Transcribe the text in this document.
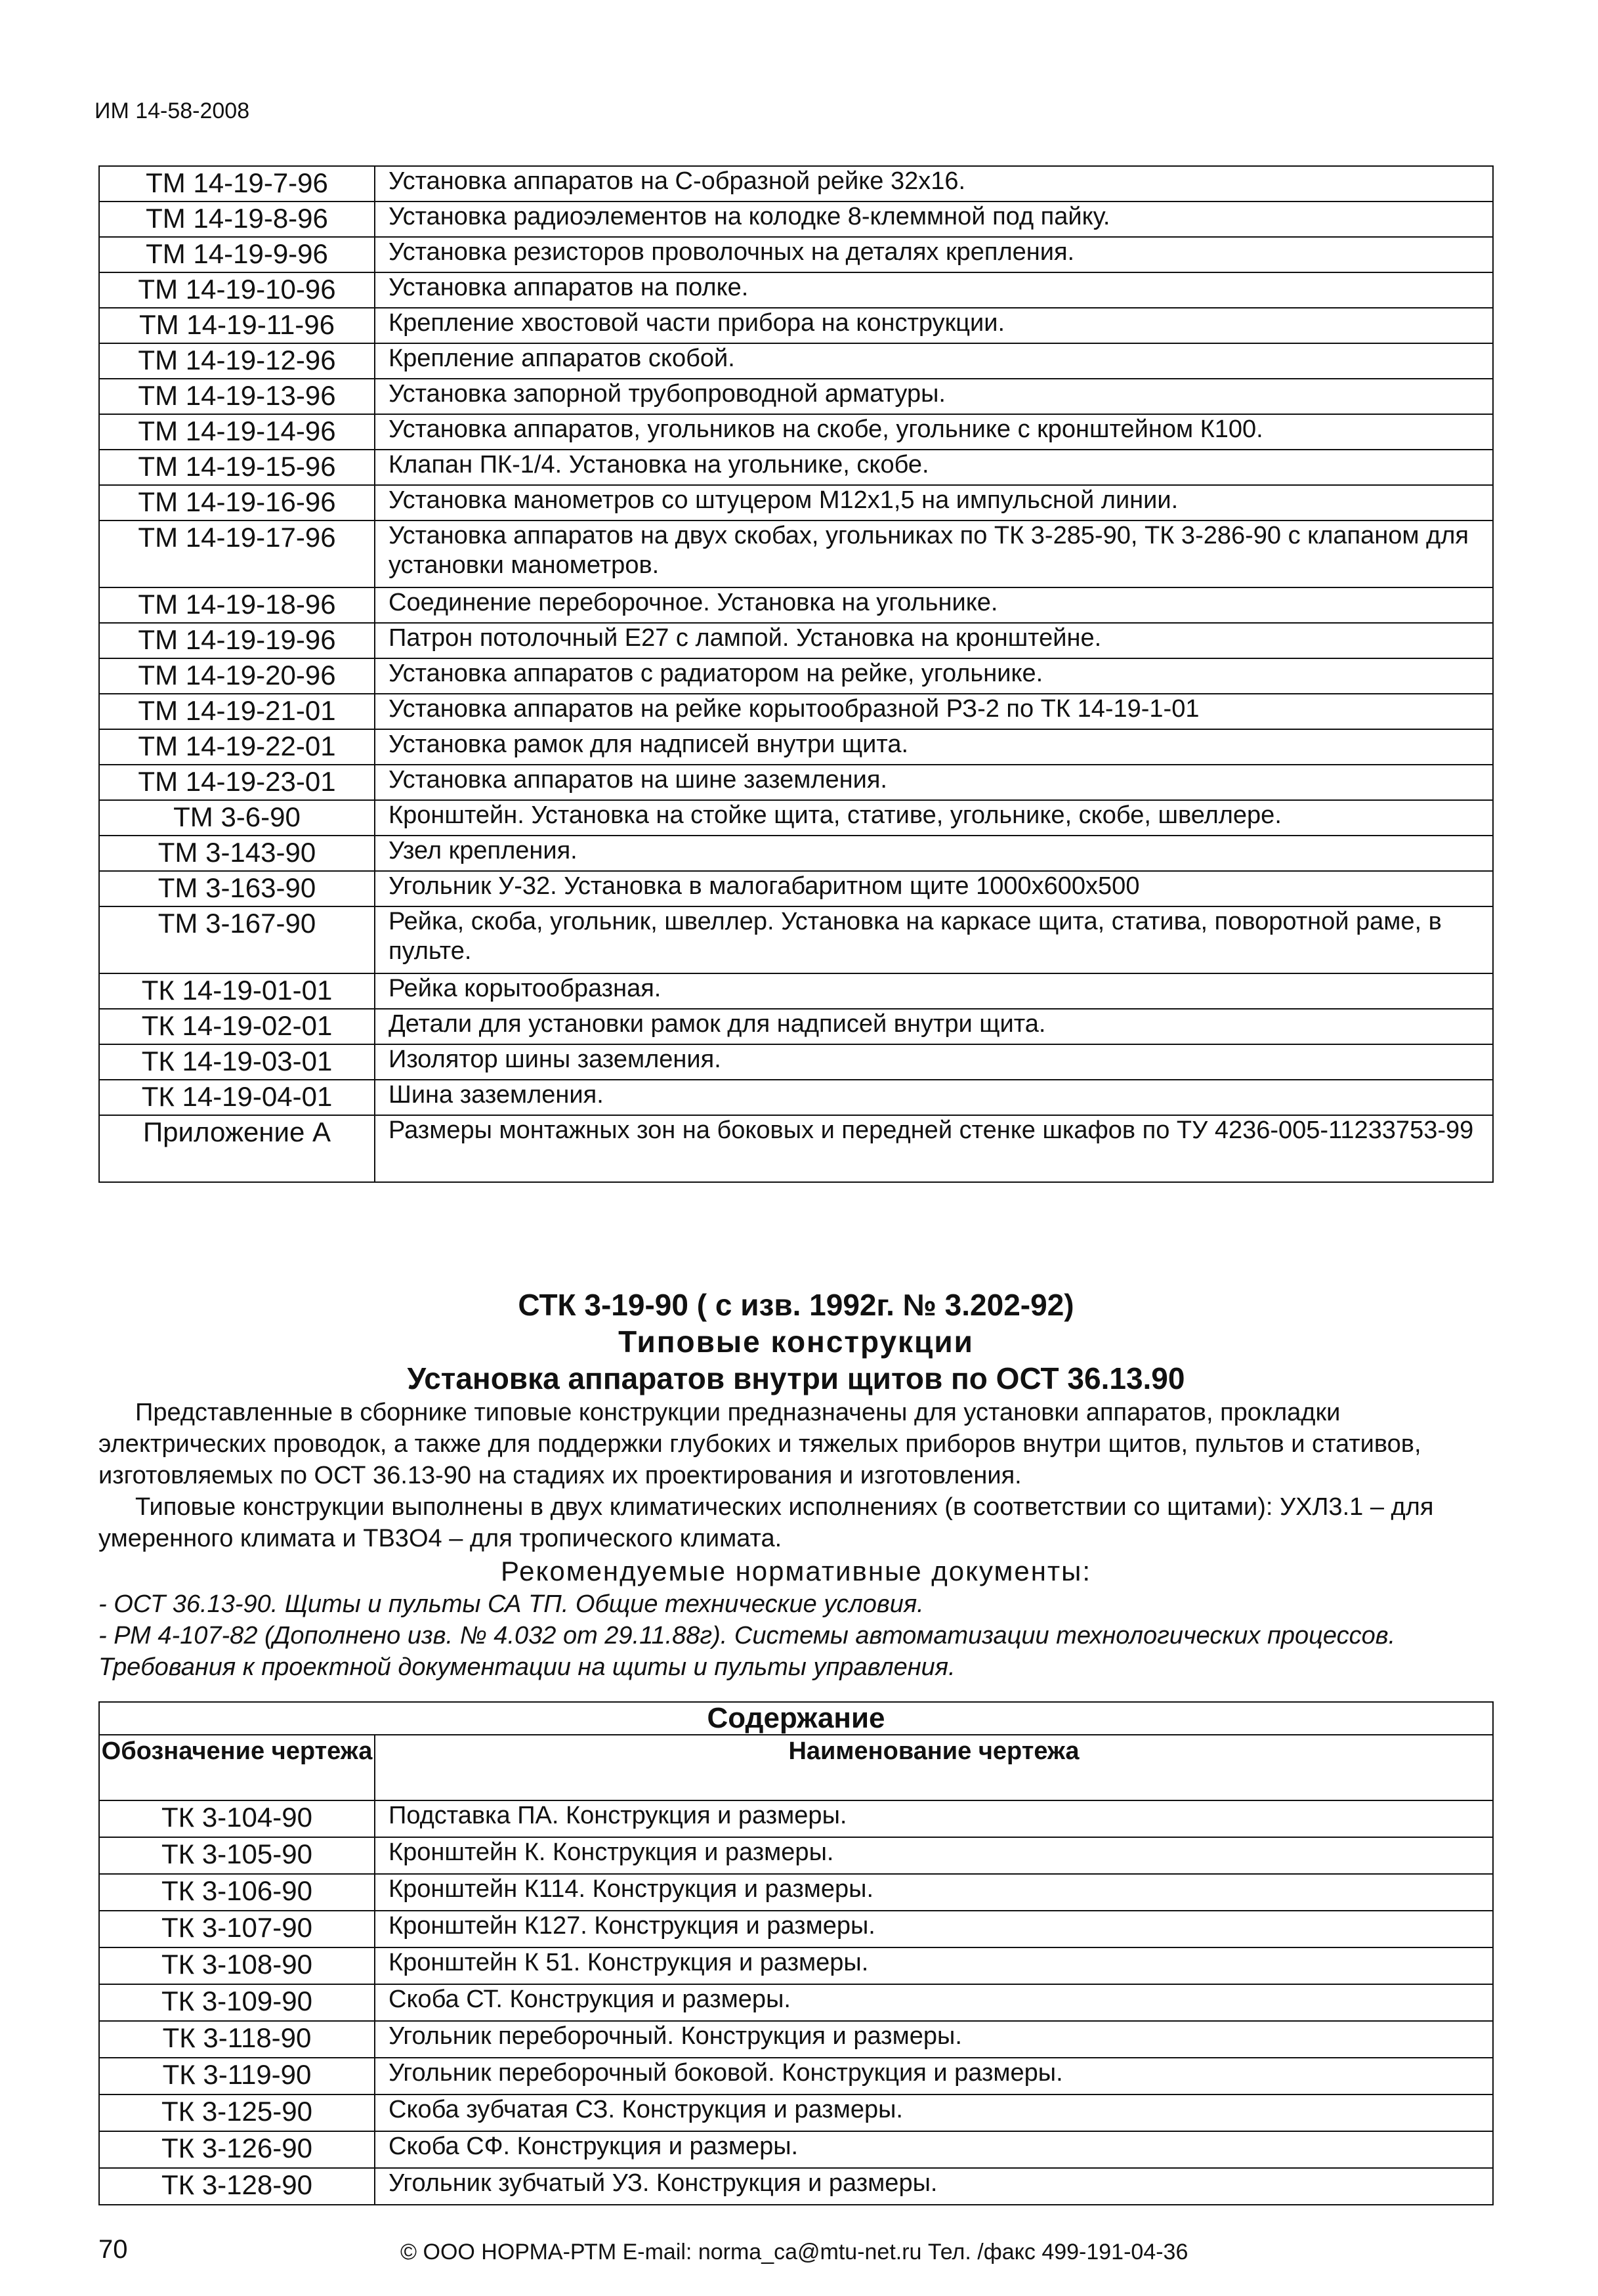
ИМ 14-58-2008
ТМ 14-19-7-96	Установка аппаратов на С-образной рейке 32х16.
ТМ 14-19-8-96	Установка радиоэлементов на колодке 8-клеммной под пайку.
ТМ 14-19-9-96	Установка резисторов проволочных на деталях крепления.
ТМ 14-19-10-96	Установка аппаратов на полке.
ТМ 14-19-11-96	Крепление хвостовой части прибора на конструкции.
ТМ 14-19-12-96	Крепление аппаратов скобой.
ТМ 14-19-13-96	Установка запорной трубопроводной арматуры.
ТМ 14-19-14-96	Установка аппаратов, угольников на скобе, угольнике с кронштейном К100.
ТМ 14-19-15-96	Клапан ПК-1/4. Установка на угольнике, скобе.
ТМ 14-19-16-96	Установка манометров со штуцером М12х1,5 на импульсной линии.
ТМ 14-19-17-96	Установка аппаратов на двух скобах, угольниках по ТК 3-285-90, ТК 3-286-90 с клапаном для установки манометров.
ТМ 14-19-18-96	Соединение переборочное. Установка на угольнике.
ТМ 14-19-19-96	Патрон потолочный Е27 с лампой. Установка на кронштейне.
ТМ 14-19-20-96	Установка аппаратов с радиатором на рейке, угольнике.
ТМ 14-19-21-01	Установка аппаратов на рейке корытообразной РЗ-2 по ТК 14-19-1-01
ТМ 14-19-22-01	Установка рамок для надписей внутри щита.
ТМ 14-19-23-01	Установка аппаратов на шине заземления.
ТМ 3-6-90	Кронштейн. Установка на стойке щита, стативе, угольнике, скобе, швеллере.
ТМ 3-143-90	Узел крепления.
ТМ 3-163-90	Угольник У-32. Установка в малогабаритном щите 1000х600х500
ТМ 3-167-90	Рейка, скоба, угольник, швеллер. Установка на каркасе щита, статива, поворотной раме, в пульте.
ТК 14-19-01-01	Рейка корытообразная.
ТК 14-19-02-01	Детали для установки рамок для надписей внутри щита.
ТК 14-19-03-01	Изолятор шины заземления.
ТК 14-19-04-01	Шина заземления.
Приложение А	Размеры монтажных зон на боковых и передней стенке шкафов по ТУ 4236-005-11233753-99
СТК 3-19-90 ( с изв. 1992г. № 3.202-92)
Типовые конструкции
Установка аппаратов внутри щитов по ОСТ 36.13.90

Представленные в сборнике типовые конструкции предназначены для установки аппаратов, прокладки электрических проводок, а также для поддержки глубоких и тяжелых приборов внутри щитов, пультов и стативов, изготовляемых по ОСТ 36.13-90 на стадиях их проектирования и изготовления.

Типовые конструкции выполнены в двух климатических исполнениях (в соответствии со щитами): УХЛ3.1 – для умеренного климата и ТВ3О4 – для тропического климата.

Рекомендуемые нормативные документы:

- ОСТ 36.13-90. Щиты и пульты СА ТП. Общие технические условия.

- РМ 4-107-82 (Дополнено изв. № 4.032 от 29.11.88г). Системы автоматизации технологических процессов. Требования к проектной документации на щиты и пульты управления.

Содержание	
Обозначение чертежа	Наименование чертежа
ТК 3-104-90	Подставка ПА. Конструкция и размеры.
ТК 3-105-90	Кронштейн К. Конструкция и размеры.
ТК 3-106-90	Кронштейн К114. Конструкция и размеры.
ТК 3-107-90	Кронштейн К127. Конструкция и размеры.
ТК 3-108-90	Кронштейн К 51. Конструкция и размеры.
ТК 3-109-90	Скоба СТ. Конструкция и размеры.
ТК 3-118-90	Угольник переборочный. Конструкция и размеры.
ТК 3-119-90	Угольник переборочный боковой. Конструкция и размеры.
ТК 3-125-90	Скоба зубчатая СЗ. Конструкция и размеры.
ТК 3-126-90	Скоба СФ. Конструкция и размеры.
ТК 3-128-90	Угольник зубчатый УЗ. Конструкция и размеры.
70	© ООО НОРМА-РТМ E-mail: norma_ca@mtu-net.ru Тел. /факс 499-191-04-36
